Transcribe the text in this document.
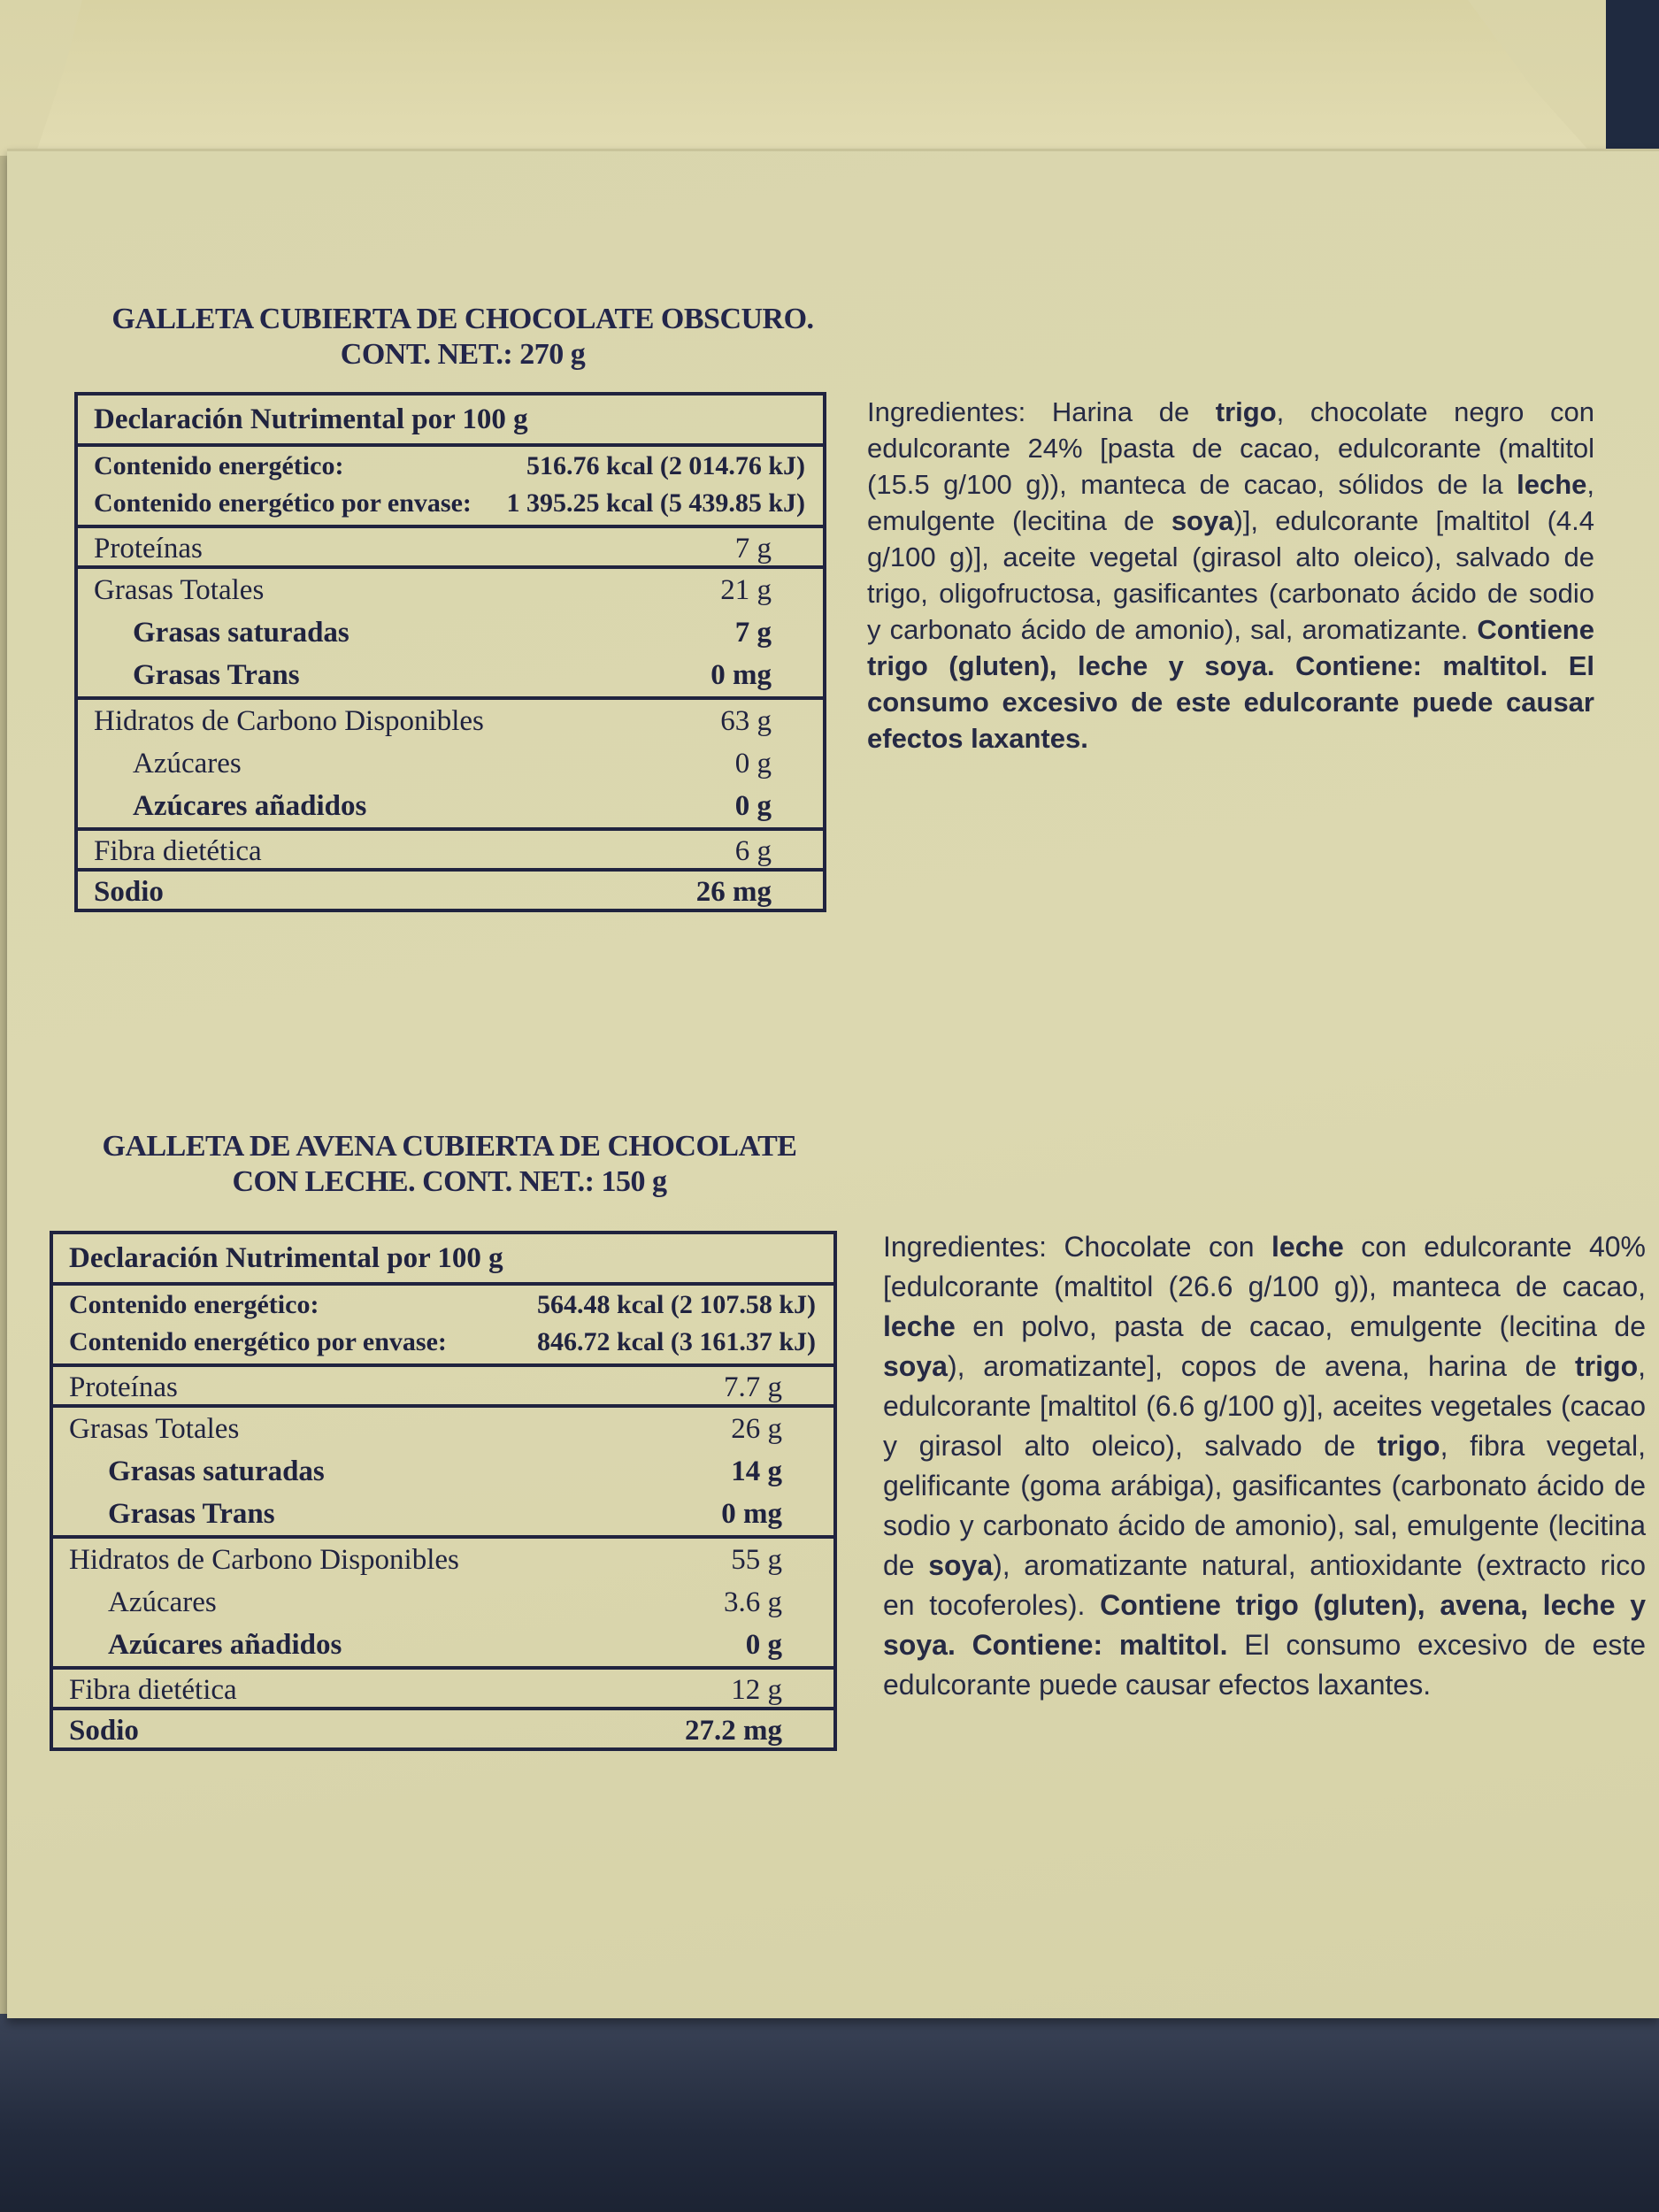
GALLETA CUBIERTA DE CHOCOLATE OBSCURO.
CONT. NET.: 270 g
Declaración Nutrimental por 100 g
Contenido energético:	516.76 kcal (2 014.76 kJ)
Contenido energético por envase: 1 395.25 kcal (5 439.85 kJ)
Proteínas	7 g
Grasas Totales	21 g
Grasas saturadas	7 g
Grasas Trans	0 mg
Hidratos de Carbono Disponibles	63 g
Azúcares	0 g
Azúcares añadidos	0 g
Fibra dietética	6 g
Sodio	26 mg

Ingredientes: Harina de trigo, chocolate negro con edulcorante 24% [pasta de cacao, edulcorante (maltitol (15.5 g/100 g)), manteca de cacao, sólidos de la leche, emulgente (lecitina de soya)], edulcorante [maltitol (4.4 g/100 g)], aceite vegetal (girasol alto oleico), salvado de trigo, oligofructosa, gasificantes (carbonato ácido de sodio y carbonato ácido de amonio), sal, aromatizante. Contiene trigo (gluten), leche y soya. Contiene: maltitol. El consumo excesivo de este edulcorante puede causar efectos laxantes.

GALLETA DE AVENA CUBIERTA DE CHOCOLATE
CON LECHE. CONT. NET.: 150 g
Declaración Nutrimental por 100 g
Contenido energético:	564.48 kcal (2 107.58 kJ)
Contenido energético por envase:	846.72 kcal (3 161.37 kJ)
Proteínas	7.7 g
Grasas Totales	26 g
Grasas saturadas	14 g
Grasas Trans	0 mg
Hidratos de Carbono Disponibles	55 g
Azúcares	3.6 g
Azúcares añadidos	0 g
Fibra dietética	12 g
Sodio	27.2 mg

Ingredientes: Chocolate con leche con edulcorante 40% [edulcorante (maltitol (26.6 g/100 g)), manteca de cacao, leche en polvo, pasta de cacao, emulgente (lecitina de soya), aromatizante], copos de avena, harina de trigo, edulcorante [maltitol (6.6 g/100 g)], aceites vegetales (cacao y girasol alto oleico), salvado de trigo, fibra vegetal, gelificante (goma arábiga), gasificantes (carbonato ácido de sodio y carbonato ácido de amonio), sal, emulgente (lecitina de soya), aromatizante natural, antioxidante (extracto rico en tocoferoles). Contiene trigo (gluten), avena, leche y soya. Contiene: maltitol. El consumo excesivo de este edulcorante puede causar efectos laxantes.
